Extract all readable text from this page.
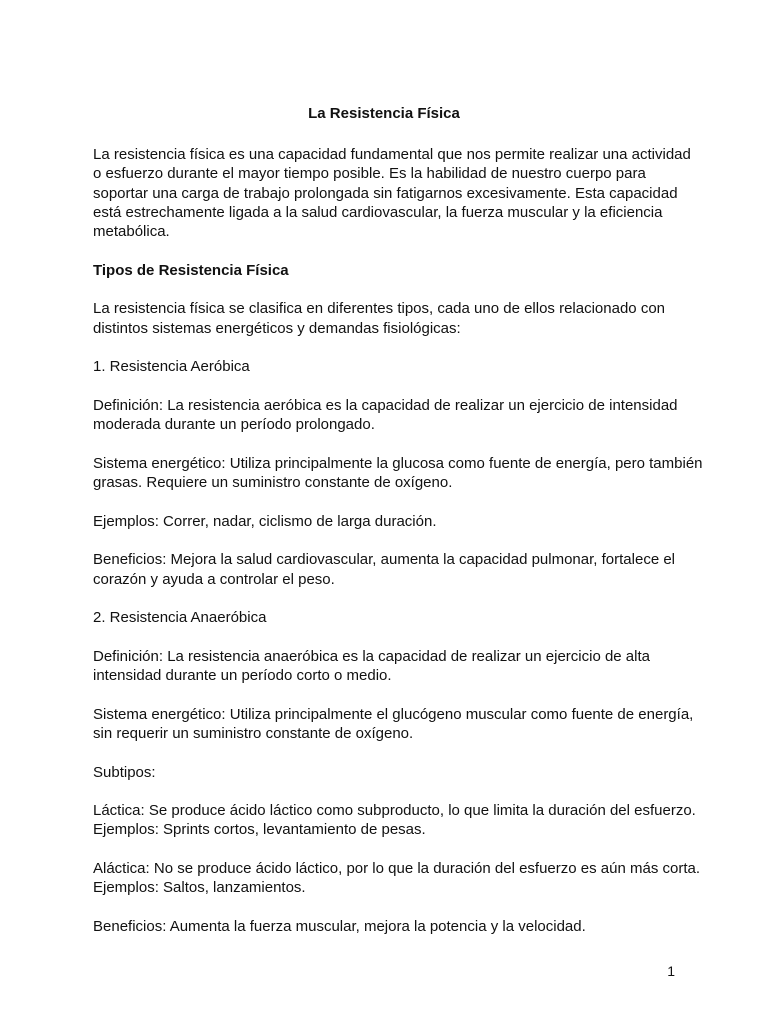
La Resistencia Física

La resistencia física es una capacidad fundamental que nos permite realizar una actividad o esfuerzo durante el mayor tiempo posible. Es la habilidad de nuestro cuerpo para soportar una carga de trabajo prolongada sin fatigarnos excesivamente. Esta capacidad está estrechamente ligada a la salud cardiovascular, la fuerza muscular y la eficiencia metabólica.

Tipos de Resistencia Física

La resistencia física se clasifica en diferentes tipos, cada uno de ellos relacionado con distintos sistemas energéticos y demandas fisiológicas:

1. Resistencia Aeróbica

Definición: La resistencia aeróbica es la capacidad de realizar un ejercicio de intensidad moderada durante un período prolongado.

Sistema energético: Utiliza principalmente la glucosa como fuente de energía, pero también grasas. Requiere un suministro constante de oxígeno.

Ejemplos: Correr, nadar, ciclismo de larga duración.

Beneficios: Mejora la salud cardiovascular, aumenta la capacidad pulmonar, fortalece el corazón y ayuda a controlar el peso.

2. Resistencia Anaeróbica

Definición: La resistencia anaeróbica es la capacidad de realizar un ejercicio de alta intensidad durante un período corto o medio.

Sistema energético: Utiliza principalmente el glucógeno muscular como fuente de energía, sin requerir un suministro constante de oxígeno.

Subtipos:

Láctica: Se produce ácido láctico como subproducto, lo que limita la duración del esfuerzo. Ejemplos: Sprints cortos, levantamiento de pesas.

Aláctica: No se produce ácido láctico, por lo que la duración del esfuerzo es aún más corta. Ejemplos: Saltos, lanzamientos.

Beneficios: Aumenta la fuerza muscular, mejora la potencia y la velocidad.

1
